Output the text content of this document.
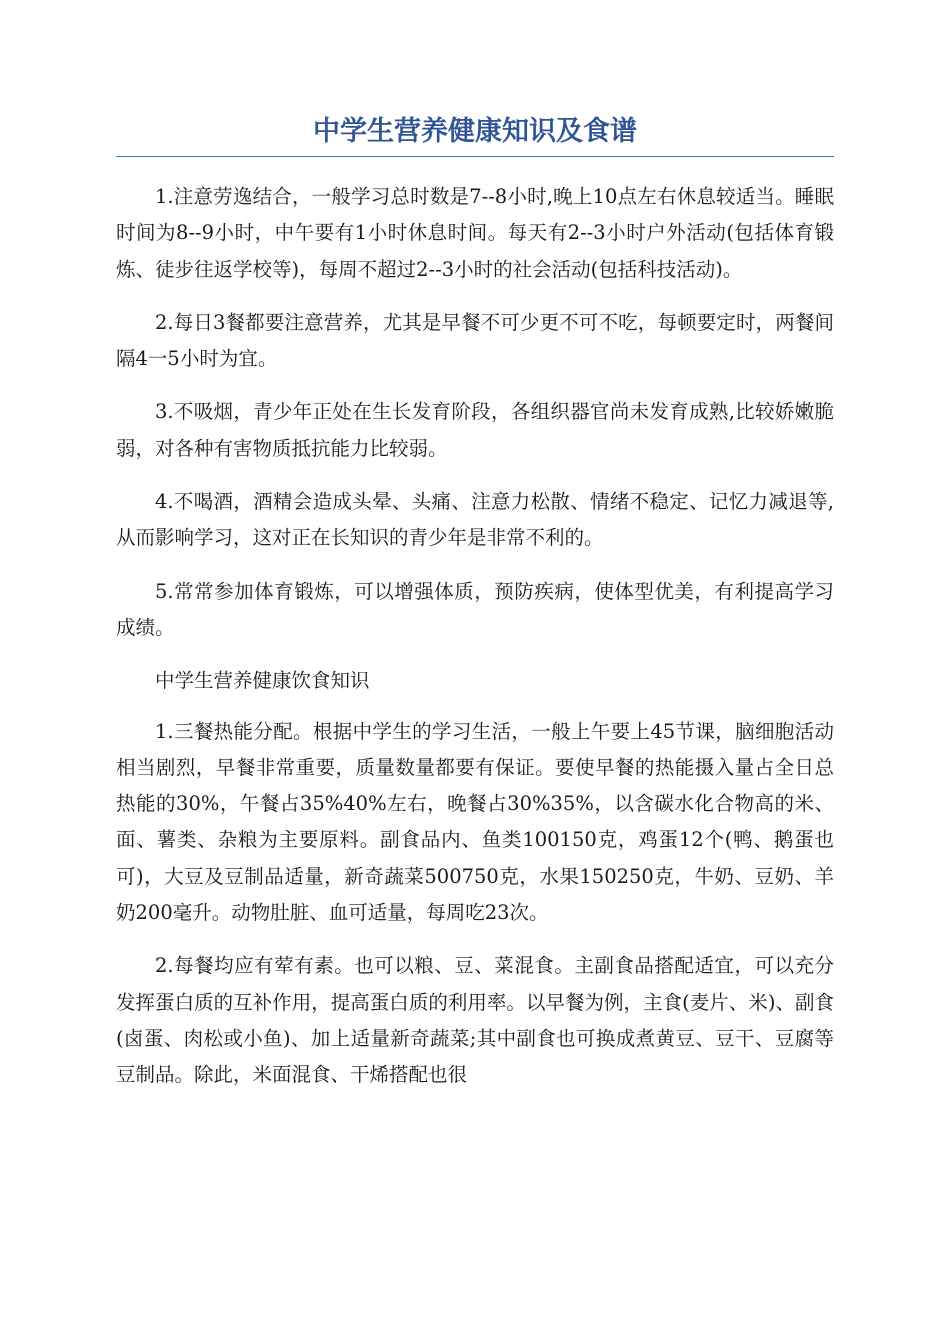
中学生营养健康知识及食谱

1.注意劳逸结合，一般学习总时数是7--8小时,晚上10点左右休息较适当。睡眠时间为8--9小时，中午要有1小时休息时间。每天有2--3小时户外活动(包括体育锻炼、徒步往返学校等)，每周不超过2--3小时的社会活动(包括科技活动)。

2.每日3餐都要注意营养，尤其是早餐不可少更不可不吃，每顿要定时，两餐间隔4一5小时为宜。

3.不吸烟，青少年正处在生长发育阶段，各组织器官尚未发育成熟,比较娇嫩脆弱，对各种有害物质抵抗能力比较弱。

4.不喝酒，酒精会造成头晕、头痛、注意力松散、情绪不稳定、记忆力减退等,从而影响学习，这对正在长知识的青少年是非常不利的。

5.常常参加体育锻炼，可以增强体质，预防疾病，使体型优美，有利提高学习成绩。

中学生营养健康饮食知识

1.三餐热能分配。根据中学生的学习生活，一般上午要上45节课，脑细胞活动相当剧烈，早餐非常重要，质量数量都要有保证。要使早餐的热能摄入量占全日总热能的30%，午餐占35%40%左右，晚餐占30%35%，以含碳水化合物高的米、面、薯类、杂粮为主要原料。副食品内、鱼类100150克，鸡蛋12个(鸭、鹅蛋也可)，大豆及豆制品适量，新奇蔬菜500750克，水果150250克，牛奶、豆奶、羊奶200毫升。动物肚脏、血可适量，每周吃23次。

2.每餐均应有荤有素。也可以粮、豆、菜混食。主副食品搭配适宜，可以充分发挥蛋白质的互补作用，提高蛋白质的利用率。以早餐为例，主食(麦片、米)、副食(卤蛋、肉松或小鱼)、加上适量新奇蔬菜;其中副食也可换成煮黄豆、豆干、豆腐等豆制品。除此，米面混食、干烯搭配也很
